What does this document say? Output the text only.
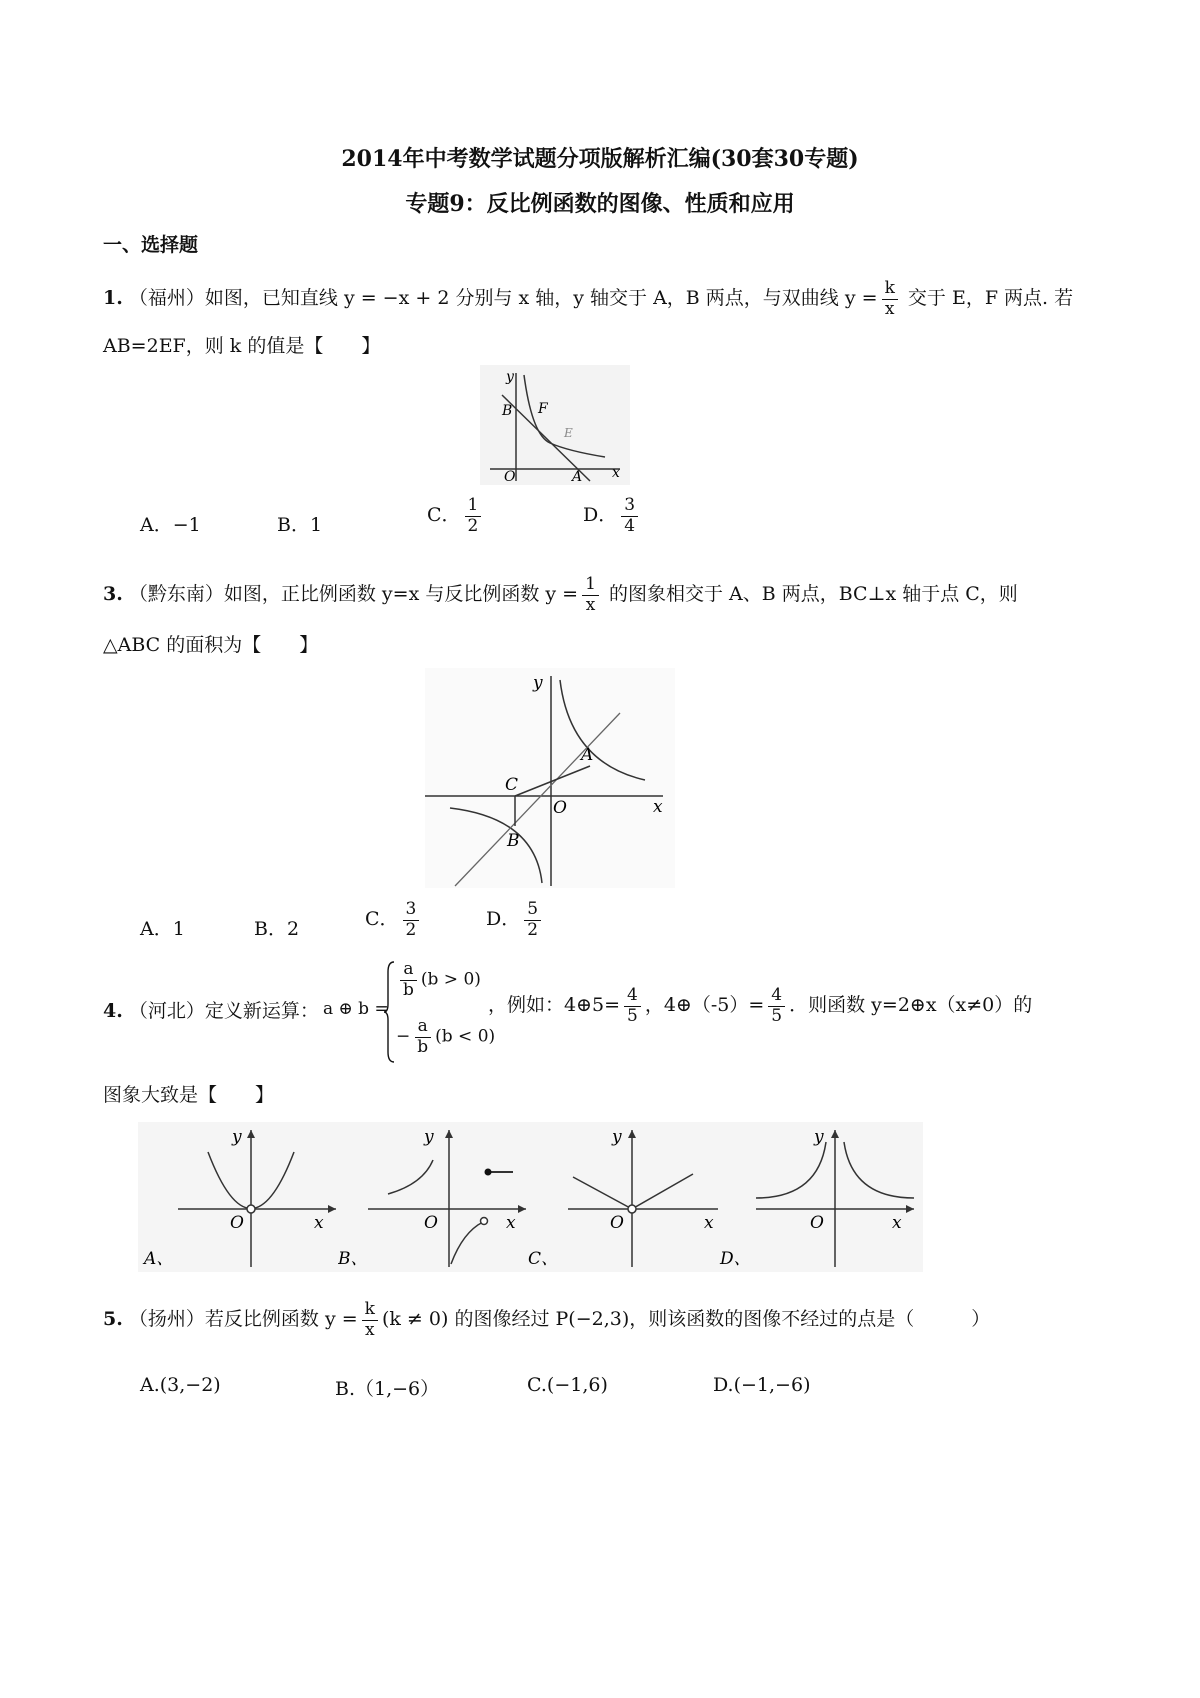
2014年中考数学试题分项版解析汇编(30套30专题)
专题9：反比例函数的图像、性质和应用
一、选择题
1. （福州）如图，已知直线 y = −x + 2 分别与 x 轴，y 轴交于 A，B 两点，与双曲线 $y = \frac{k}{x}$ 交于 E，F 两点. 若
AB=2EF，则 k 的值是【　　】
y
x
B F
E
O	A
A．−1	B．1	C． $\frac{1}{2}$	D． $\frac{3}{4}$
3. （黔东南）如图，正比例函数 y=x 与反比例函数 $y = \frac{1}{x}$ 的图象相交于 A、B 两点，BC⊥x 轴于点 C，则
△ABC 的面积为【　　】
y
x
A
B
C
O
A．1	B．2	C． $\frac{3}{2}$	D． $\frac{5}{2}$
4. （河北）定义新运算： a ⊕ b =
$\frac{a}{b} (b > 0)$
− $\frac{a}{b} (b < 0)$
，例如：4⊕5= $\frac{4}{5}$ ，4⊕（-5）= $\frac{4}{5}$ ．则函数 y=2⊕x（x≠0）的
图象大致是【　　】
y
x
O
A、
y
x
O
B、
y
x
O
C、
y
x
O
D、
5. （扬州）若反比例函数 $y = \frac{k}{x} (k \ne 0)$ 的图像经过 P(−2,3)，则该函数的图像不经过的点是（　　　）
A.(3,−2)	B.（1,−6）	C.(−1,6)	D.(−1,−6)
